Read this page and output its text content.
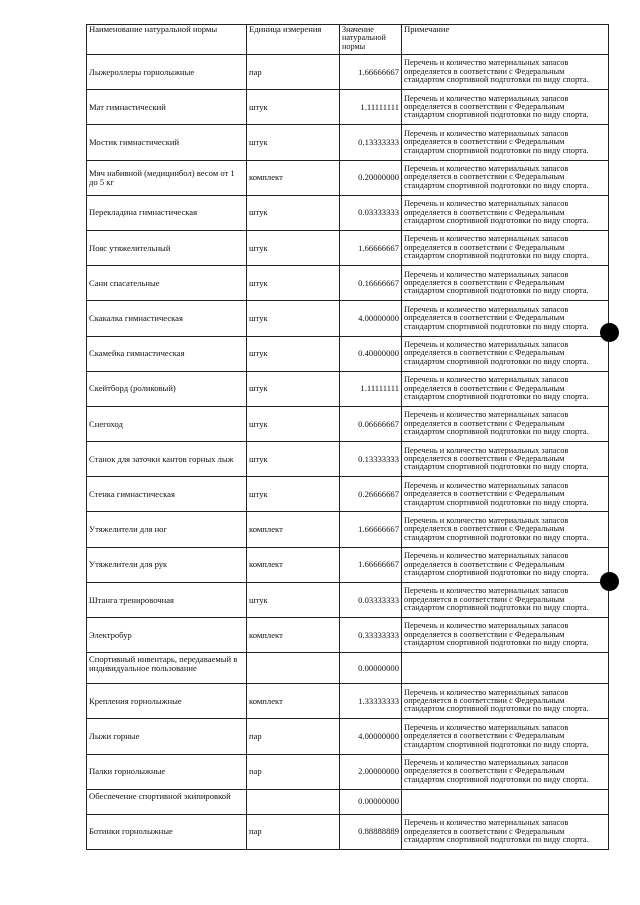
Наименование натуральной нормы	Единица измерения	Значение натуральной нормы	Примечание
Лыжероллеры горнолыжные	пар	1.66666667	Перечень и количество материальных запасов определяется в соответствии с Федеральным стандартом спортивной подготовки по виду спорта.
Мат гимнастический	штук	1.11111111	Перечень и количество материальных запасов определяется в соответствии с Федеральным стандартом спортивной подготовки по виду спорта.
Мостик гимнастический	штук	0.13333333	Перечень и количество материальных запасов определяется в соответствии с Федеральным стандартом спортивной подготовки по виду спорта.
Мяч набивной (медицинбол) весом от 1 до 5 кг	комплект	0.20000000	Перечень и количество материальных запасов определяется в соответствии с Федеральным стандартом спортивной подготовки по виду спорта.
Перекладина гимнастическая	штук	0.03333333	Перечень и количество материальных запасов определяется в соответствии с Федеральным стандартом спортивной подготовки по виду спорта.
Пояс утяжелительный	штук	1.66666667	Перечень и количество материальных запасов определяется в соответствии с Федеральным стандартом спортивной подготовки по виду спорта.
Сани спасательные	штук	0.16666667	Перечень и количество материальных запасов определяется в соответствии с Федеральным стандартом спортивной подготовки по виду спорта.
Скакалка гимнастическая	штук	4.00000000	Перечень и количество материальных запасов определяется в соответствии с Федеральным стандартом спортивной подготовки по виду спорта.
Скамейка гимнастическая	штук	0.40000000	Перечень и количество материальных запасов определяется в соответствии с Федеральным стандартом спортивной подготовки по виду спорта.
Скейтборд (роликовый)	штук	1.11111111	Перечень и количество материальных запасов определяется в соответствии с Федеральным стандартом спортивной подготовки по виду спорта.
Снегоход	штук	0.06666667	Перечень и количество материальных запасов определяется в соответствии с Федеральным стандартом спортивной подготовки по виду спорта.
Станок для заточки кантов горных лыж	штук	0.13333333	Перечень и количество материальных запасов определяется в соответствии с Федеральным стандартом спортивной подготовки по виду спорта.
Стенка гимнастическая	штук	0.26666667	Перечень и количество материальных запасов определяется в соответствии с Федеральным стандартом спортивной подготовки по виду спорта.
Утяжелители для ног	комплект	1.66666667	Перечень и количество материальных запасов определяется в соответствии с Федеральным стандартом спортивной подготовки по виду спорта.
Утяжелители для рук	комплект	1.66666667	Перечень и количество материальных запасов определяется в соответствии с Федеральным стандартом спортивной подготовки по виду спорта.
Штанга тренировочная	штук	0.03333333	Перечень и количество материальных запасов определяется в соответствии с Федеральным стандартом спортивной подготовки по виду спорта.
Электробур	комплект	0.33333333	Перечень и количество материальных запасов определяется в соответствии с Федеральным стандартом спортивной подготовки по виду спорта.
Спортивный инвентарь, передаваемый в индивидуальное пользование		0.00000000	
Крепления горнолыжные	комплект	1.33333333	Перечень и количество материальных запасов определяется в соответствии с Федеральным стандартом спортивной подготовки по виду спорта.
Лыжи горные	пар	4.00000000	Перечень и количество материальных запасов определяется в соответствии с Федеральным стандартом спортивной подготовки по виду спорта.
Палки горнолыжные	пар	2.00000000	Перечень и количество материальных запасов определяется в соответствии с Федеральным стандартом спортивной подготовки по виду спорта.
Обеспечение спортивной экипировкой		0.00000000	
Ботинки горнолыжные	пар	0.88888889	Перечень и количество материальных запасов определяется в соответствии с Федеральным стандартом спортивной подготовки по виду спорта.
